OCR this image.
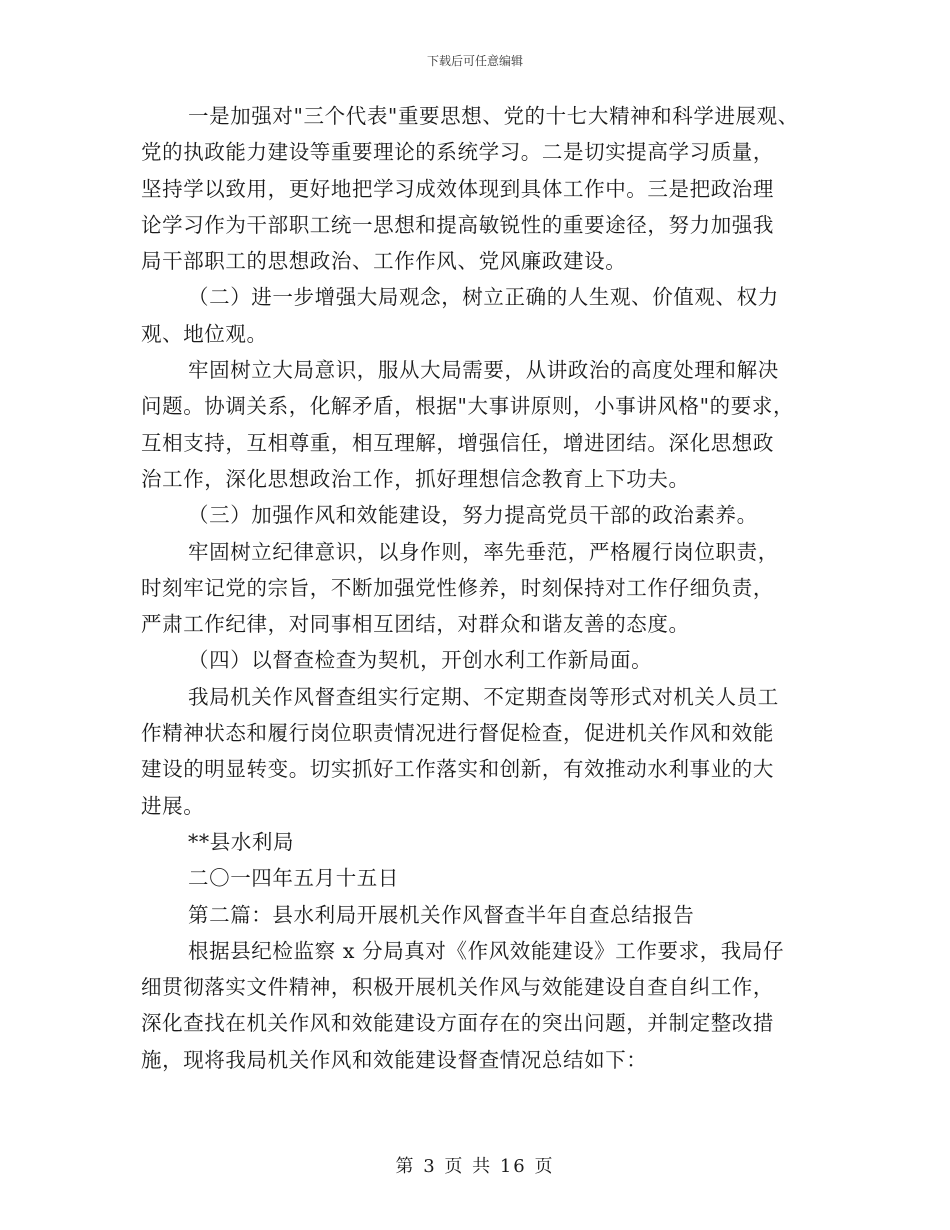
下载后可任意编辑
一是加强对"三个代表"重要思想、党的十七大精神和科学进展观、
党的执政能力建设等重要理论的系统学习。二是切实提高学习质量，
坚持学以致用，更好地把学习成效体现到具体工作中。三是把政治理
论学习作为干部职工统一思想和提高敏锐性的重要途径，努力加强我
局干部职工的思想政治、工作作风、党风廉政建设。
（二）进一步增强大局观念，树立正确的人生观、价值观、权力
观、地位观。
牢固树立大局意识，服从大局需要，从讲政治的高度处理和解决
问题。协调关系，化解矛盾，根据"大事讲原则，小事讲风格"的要求，
互相支持，互相尊重，相互理解，增强信任，增进团结。深化思想政
治工作，深化思想政治工作，抓好理想信念教育上下功夫。
（三）加强作风和效能建设，努力提高党员干部的政治素养。
牢固树立纪律意识，以身作则，率先垂范，严格履行岗位职责，
时刻牢记党的宗旨，不断加强党性修养，时刻保持对工作仔细负责，
严肃工作纪律，对同事相互团结，对群众和谐友善的态度。
（四）以督查检查为契机，开创水利工作新局面。
我局机关作风督查组实行定期、不定期查岗等形式对机关人员工
作精神状态和履行岗位职责情况进行督促检查，促进机关作风和效能
建设的明显转变。切实抓好工作落实和创新，有效推动水利事业的大
进展。
**县水利局
二〇一四年五月十五日
第二篇：县水利局开展机关作风督查半年自查总结报告
根据县纪检监察 x 分局真对《作风效能建设》工作要求，我局仔
细贯彻落实文件精神，积极开展机关作风与效能建设自查自纠工作，
深化查找在机关作风和效能建设方面存在的突出问题，并制定整改措
施，现将我局机关作风和效能建设督查情况总结如下：
第 3 页 共 16 页
